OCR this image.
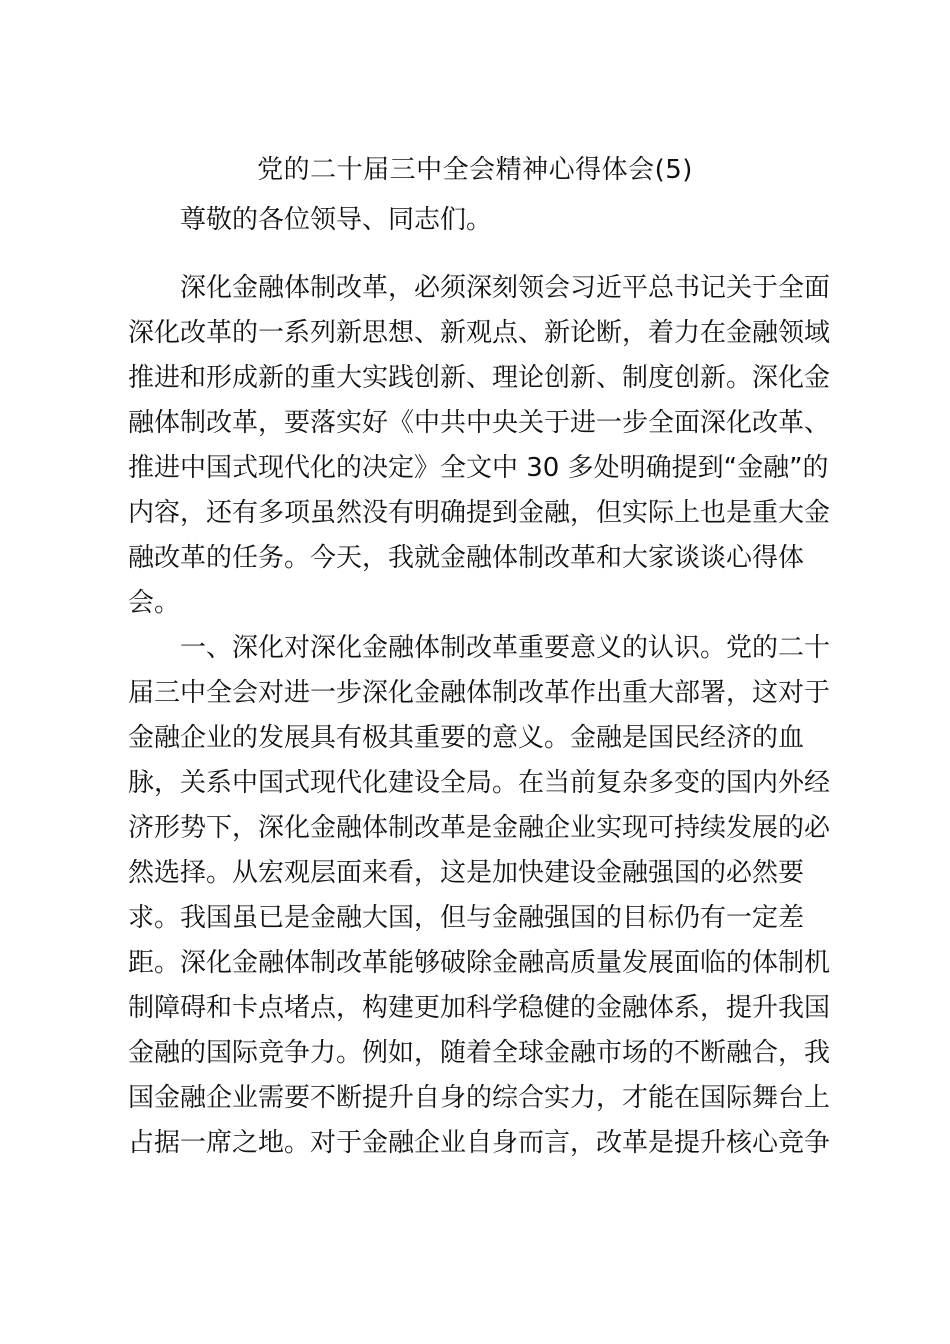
党的二十届三中全会精神心得体会(5)
尊敬的各位领导、同志们。
深化金融体制改革，必须深刻领会习近平总书记关于全面
深化改革的一系列新思想、新观点、新论断，着力在金融领域
推进和形成新的重大实践创新、理论创新、制度创新。深化金
融体制改革，要落实好《中共中央关于进一步全面深化改革、
推进中国式现代化的决定》全文中 30 多处明确提到“金融”的
内容，还有多项虽然没有明确提到金融，但实际上也是重大金
融改革的任务。今天，我就金融体制改革和大家谈谈心得体
会。
一、深化对深化金融体制改革重要意义的认识。党的二十
届三中全会对进一步深化金融体制改革作出重大部署，这对于
金融企业的发展具有极其重要的意义。金融是国民经济的血
脉，关系中国式现代化建设全局。在当前复杂多变的国内外经
济形势下，深化金融体制改革是金融企业实现可持续发展的必
然选择。从宏观层面来看，这是加快建设金融强国的必然要
求。我国虽已是金融大国，但与金融强国的目标仍有一定差
距。深化金融体制改革能够破除金融高质量发展面临的体制机
制障碍和卡点堵点，构建更加科学稳健的金融体系，提升我国
金融的国际竞争力。例如，随着全球金融市场的不断融合，我
国金融企业需要不断提升自身的综合实力，才能在国际舞台上
占据一席之地。对于金融企业自身而言，改革是提升核心竞争
